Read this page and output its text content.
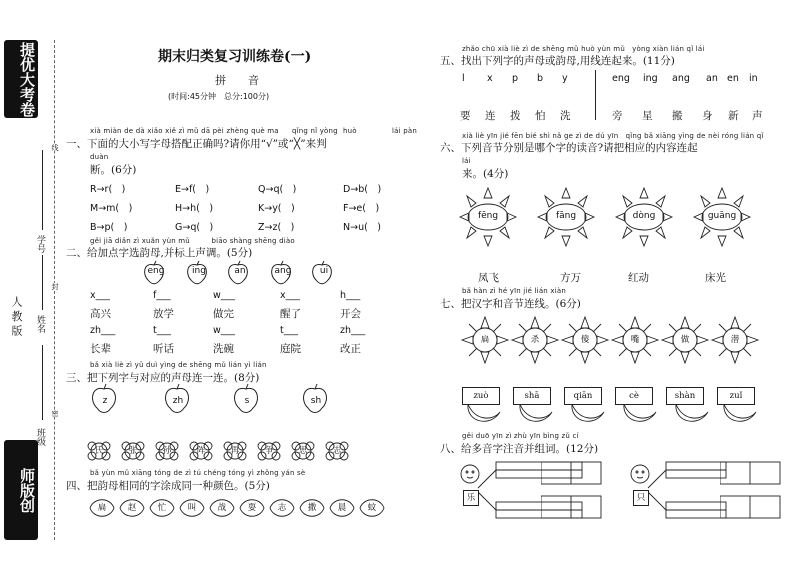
提优大考卷
师版创
人 教 版
学号
姓名
班级
线
封
密
期末归类复习训练卷(一)
拼　　音
(时间:45分钟　总分:100分)
xià miàn de dà xiǎo xiě zì mǔ dā pèi zhèng què ma qǐng nǐ yòng huò	lái pàn
一、下面的大小写字母搭配正确吗?请你用“√”或“╳”来判
duàn
断。(6分)
R→r(　)	E→f(　)	Q→q(　)	D→b(　)
M→m(　)	H→h(　)	K→y(　)	F→e(　)
B→p(　)	G→q(　)	Z→z(　)	N→u(　)
gěi jiā diǎn zì xuǎn yùn mǔ　　　biāo shàng shēng diào
二、给加点字选韵母,并标上声调。(5分)
eng	ing	an	ang	ui
x___	f___	w___	x___	h___
高兴	放学	做完	醒了	开会
zh___	t___	w___	t___	zh___
长辈	听话	洗碗	庭院	改正
bǎ xià liè zì yǔ duì yìng de shēng mǔ lián yì lián
三、把下列字与对应的声母连一连。(8分)
z	zh	s	sh
氏	张	孙	阵	再	争	思	志
bǎ yùn mǔ xiāng tóng de zì tú chéng tóng yì zhǒng yán sè
四、把韵母相同的字涂成同一种颜色。(5分)
扁	赵	忙	叫	战	耍	志	撒	晨	蚊
zhǎo chū xià liè zì de shēng mǔ huò yùn mǔ　yòng xiàn lián qǐ lái
五、找出下列字的声母或韵母,用线连起来。(11分)
l x p b y	eng ing ang an en in
要 连 拨 怕 洗	旁 星 搬 身 新 声
xià liè yīn jié fēn bié shì nǎ ge zì de dú yīn　qǐng bǎ xiāng yìng de nèi róng lián qǐ
六、下列音节分别是哪个字的读音?请把相应的内容连起
lái
来。(4分)
fēng	fāng	dòng	guāng
凤飞	方万	红动	床光
bǎ hàn zì hé yīn jié lián xiàn
七、把汉字和音节连线。(6分)
扁	杀	傻	嘴	做	潜
zuò	shā	qiān	cè	shàn	zuǐ
gěi duō yīn zì zhù yīn bìng zǔ cí
八、给多音字注音并组词。(12分)
乐	只
